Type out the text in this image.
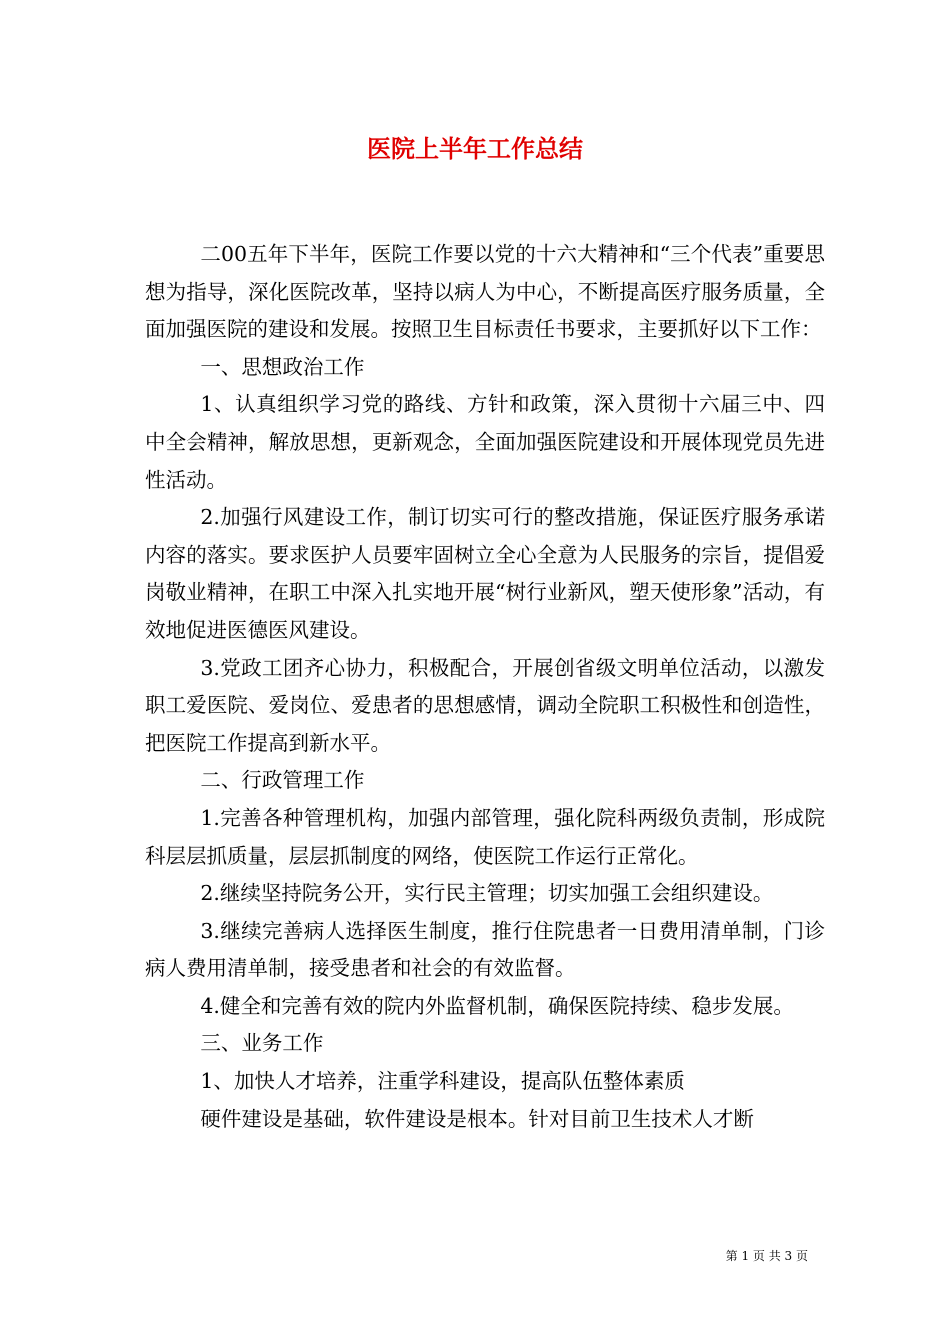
医院上半年工作总结

二00五年下半年，医院工作要以党的十六大精神和“三个代表”重要思想为指导，深化医院改革，坚持以病人为中心，不断提高医疗服务质量，全面加强医院的建设和发展。按照卫生目标责任书要求，主要抓好以下工作：

一、思想政治工作

1、认真组织学习党的路线、方针和政策，深入贯彻十六届三中、四中全会精神，解放思想，更新观念，全面加强医院建设和开展体现党员先进性活动。

2.加强行风建设工作，制订切实可行的整改措施，保证医疗服务承诺内容的落实。要求医护人员要牢固树立全心全意为人民服务的宗旨，提倡爱岗敬业精神，在职工中深入扎实地开展“树行业新风，塑天使形象”活动，有效地促进医德医风建设。

3.党政工团齐心协力，积极配合，开展创省级文明单位活动，以激发职工爱医院、爱岗位、爱患者的思想感情，调动全院职工积极性和创造性，把医院工作提高到新水平。

二、行政管理工作

1.完善各种管理机构，加强内部管理，强化院科两级负责制，形成院科层层抓质量，层层抓制度的网络，使医院工作运行正常化。

2.继续坚持院务公开，实行民主管理；切实加强工会组织建设。

3.继续完善病人选择医生制度，推行住院患者一日费用清单制，门诊病人费用清单制，接受患者和社会的有效监督。

4.健全和完善有效的院内外监督机制，确保医院持续、稳步发展。

三、业务工作

1、加快人才培养，注重学科建设，提高队伍整体素质

硬件建设是基础，软件建设是根本。针对目前卫生技术人才断

第 1 页 共 3 页
